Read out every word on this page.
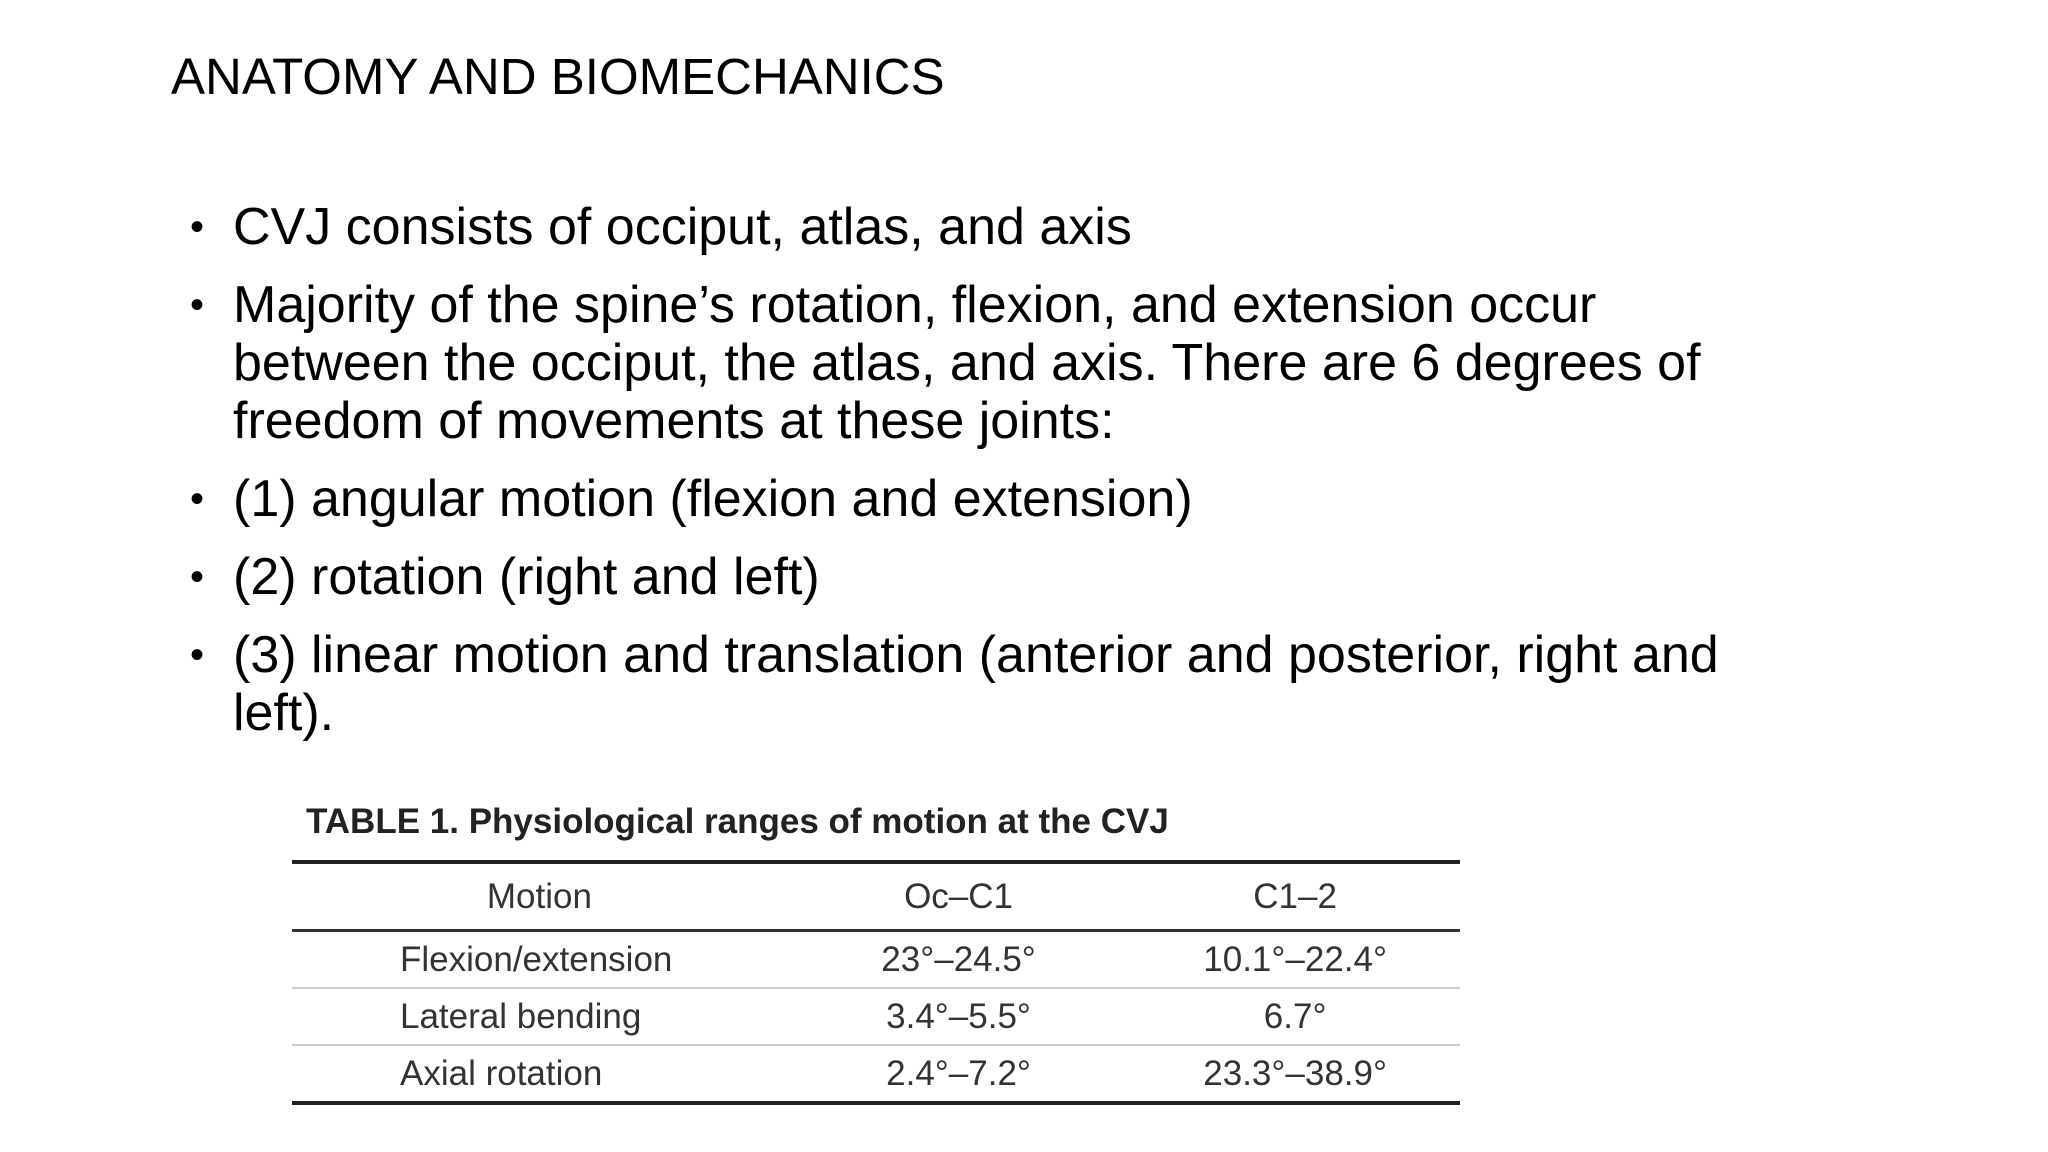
ANATOMY AND BIOMECHANICS
• CVJ consists of occiput, atlas, and axis
• Majority of the spine’s rotation, flexion, and extension occur between the occiput, the atlas, and axis. There are 6 degrees of freedom of movements at these joints:
• (1) angular motion (flexion and extension)
• (2) rotation (right and left)
• (3) linear motion and translation (anterior and posterior, right and left).
TABLE 1. Physiological ranges of motion at the CVJ
Motion	Oc–C1	C1–2
Flexion/extension	23°–24.5°	10.1°–22.4°
Lateral bending	3.4°–5.5°	6.7°
Axial rotation	2.4°–7.2°	23.3°–38.9°
